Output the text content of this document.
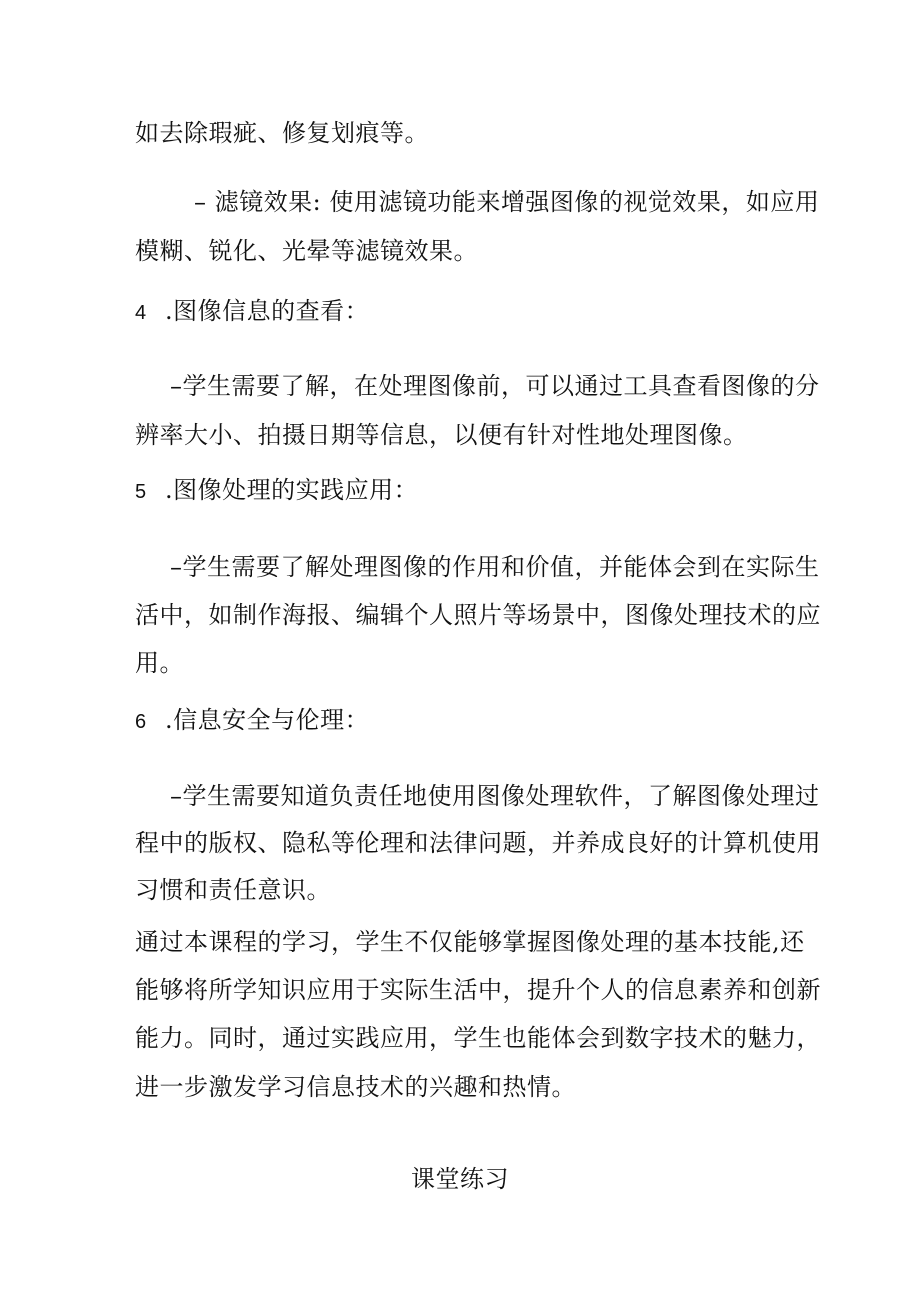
如去除瑕疵、修复划痕等。
– 滤镜效果: 使用滤镜功能来增强图像的视觉效果，如应用
模糊、锐化、光晕等滤镜效果。
4 .图像信息的查看：
–学生需要了解，在处理图像前，可以通过工具查看图像的分
辨率大小、拍摄日期等信息，以便有针对性地处理图像。
5 .图像处理的实践应用：
–学生需要了解处理图像的作用和价值，并能体会到在实际生
活中，如制作海报、编辑个人照片等场景中，图像处理技术的应
用。
6 .信息安全与伦理：
–学生需要知道负责任地使用图像处理软件，了解图像处理过
程中的版权、隐私等伦理和法律问题，并养成良好的计算机使用
习惯和责任意识。
通过本课程的学习，学生不仅能够掌握图像处理的基本技能,还
能够将所学知识应用于实际生活中，提升个人的信息素养和创新
能力。同时，通过实践应用，学生也能体会到数字技术的魅力，
进一步激发学习信息技术的兴趣和热情。
课堂练习
